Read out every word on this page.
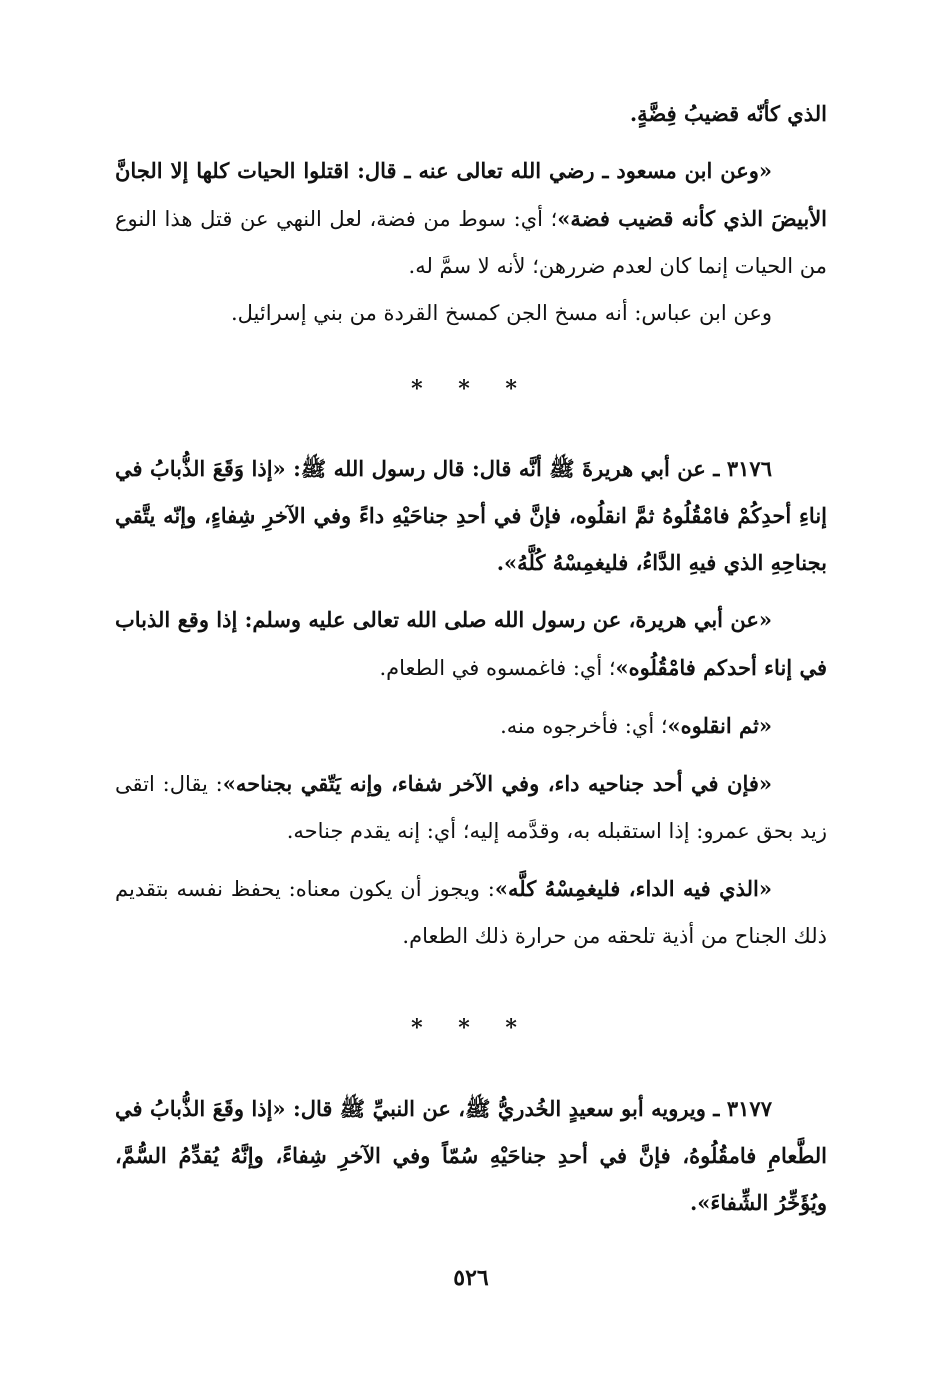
الذي كأنّه قضيبُ فِضَّةٍ.

«وعن ابن مسعود ـ رضي الله تعالى عنه ـ قال: اقتلوا الحيات كلها إلا الجانَّ الأبيضَ الذي كأنه قضيب فضة»؛ أي: سوط من فضة، لعل النهي عن قتل هذا النوع من الحيات إنما كان لعدم ضررهن؛ لأنه لا سمَّ له.

وعن ابن عباس: أنه مسخ الجن كمسخ القردة من بني إسرائيل.

* * *

٣١٧٦ ـ عن أبي هريرةَ ﷺ أنَّه قال: قال رسول الله ﷺ: «إذا وَقَعَ الذُّبابُ في إناءِ أحدِكُمْ فامْقُلُوهُ ثمَّ انقلُوه، فإنَّ في أحدِ جناحَيْهِ داءً وفي الآخرِ شِفاءٍ، وإنّه يتَّقي بجناحِهِ الذي فيهِ الدَّاءُ، فليغمِسْهُ كُلَّهُ».

«عن أبي هريرة، عن رسول الله صلى الله تعالى عليه وسلم: إذا وقع الذباب في إناء أحدكم فامْقُلُوه»؛ أي: فاغمسوه في الطعام.

«ثم انقلوه»؛ أي: فأخرجوه منه.

«فإن في أحد جناحيه داء، وفي الآخر شفاء، وإنه يَتّقي بجناحه»: يقال: اتقى زيد بحق عمرو: إذا استقبله به، وقدَّمه إليه؛ أي: إنه يقدم جناحه.

«الذي فيه الداء، فليغمِسْهُ كلَّه»: ويجوز أن يكون معناه: يحفظ نفسه بتقديم ذلك الجناح من أذية تلحقه من حرارة ذلك الطعام.

* * *

٣١٧٧ ـ ويرويه أبو سعيدٍ الخُدريُّ ﷺ، عن النبيِّ ﷺ قال: «إذا وقَعَ الذُّبابُ في الطَّعامِ فامقُلُوهُ، فإنَّ في أحدِ جناحَيْهِ سُمّاً وفي الآخرِ شِفاءً، وإنَّهُ يُقدِّمُ السُّمَّ، ويُؤَخِّرُ الشِّفاءَ».

٥٢٦
